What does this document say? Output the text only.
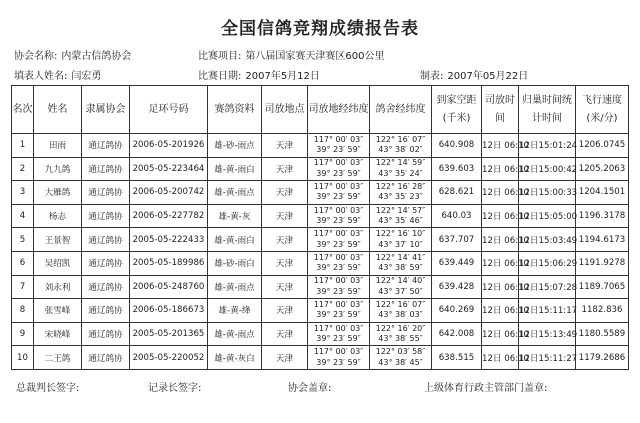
全国信鸽竞翔成绩报告表
协会名称: 内蒙古信鸽协会	比赛项目: 第八届国家赛天津赛区600公里
填表人姓名: 闫宏勇	比赛日期: 2007年5月12日	制表: 2007年05月22日
名次	姓名	隶属协会	足环号码	赛鸽资料	司放地点	司放地经纬度	鸽舍经纬度	到家空距(千米)	司放时间	归巢时间统计时间	飞行速度(米/分)
1	田雨	通辽鸽协	2006-05-201926	雄-砂-雨点	天津	117° 00′ 03″
39° 23′ 59″	122° 16′ 07″
43° 38′ 02″	640.908	12日 06:10	12日15:01:24	1206.0745
2	九九鸽	通辽鸽协	2005-05-223464	雄-黄-雨白	天津	117° 00′ 03″
39° 23′ 59″	122° 14′ 59″
43° 35′ 24″	639.603	12日 06:10	12日15:00:42	1205.2063
3	大雁鸽	通辽鸽协	2006-05-200742	雄-黄-雨点	天津	117° 00′ 03″
39° 23′ 59″	122° 16′ 28″
43° 35′ 23″	628.621	12日 06:10	12日15:00:33	1204.1501
4	杨志	通辽鸽协	2006-05-227782	雄-黄-灰	天津	117° 00′ 03″
39° 23′ 59″	122° 14′ 57″
43° 35′ 46″	640.03	12日 06:10	12日15:05:00	1196.3178
5	王景智	通辽鸽协	2005-05-222433	雄-黄-雨白	天津	117° 00′ 03″
39° 23′ 59″	122° 16′ 10″
43° 37′ 10″	637.707	12日 06:10	12日15:03:49	1194.6173
6	吴绍凯	通辽鸽协	2005-05-189986	雄-砂-雨白	天津	117° 00′ 03″
39° 23′ 59″	122° 14′ 41″
43° 38′ 59″	639.449	12日 06:10	12日15:06:29	1191.9278
7	刘永利	通辽鸽协	2006-05-248760	雄-黄-雨点	天津	117° 00′ 03″
39° 23′ 59″	122° 14′ 40″
43° 37′ 50″	639.428	12日 06:10	12日15:07:28	1189.7065
8	张雪峰	通辽鸽协	2006-05-186673	雄-黄-绛	天津	117° 00′ 03″
39° 23′ 59″	122° 16′ 07″
43° 38′ 03″	640.269	12日 06:10	12日15:11:17	1182.836
9	宋晓峰	通辽鸽协	2005-05-201365	雄-黄-雨点	天津	117° 00′ 03″
39° 23′ 59″	122° 16′ 20″
43° 38′ 55″	642.008	12日 06:10	12日15:13:49	1180.5589
10	二王鸽	通辽鸽协	2005-05-220052	雄-黄-灰白	天津	117° 00′ 03″
39° 23′ 59″	122° 03′ 58″
43° 38′ 45″	638.515	12日 06:10	12日15:11:27	1179.2686
总裁判长签字:	记录长签字:	协会盖章:	上级体育行政主管部门盖章:
